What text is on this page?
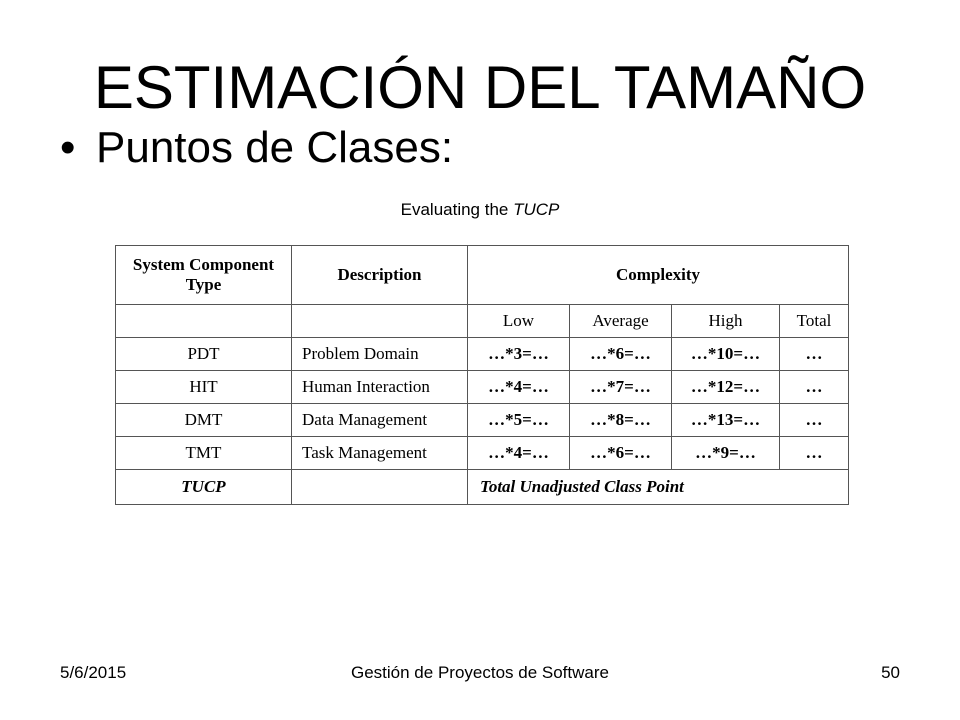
ESTIMACIÓN DEL TAMAÑO
• Puntos de Clases:
Evaluating the TUCP
System Component Type	Description	Complexity			
		Low	Average	High	Total
PDT	Problem Domain	…*3=…	…*6=…	…*10=…	…
HIT	Human Interaction	…*4=…	…*7=…	…*12=…	…
DMT	Data Management	…*5=…	…*8=…	…*13=…	…
TMT	Task Management	…*4=…	…*6=…	…*9=…	…
TUCP		Total Unadjusted Class Point			
5/6/2015	Gestión de Proyectos de Software	50
